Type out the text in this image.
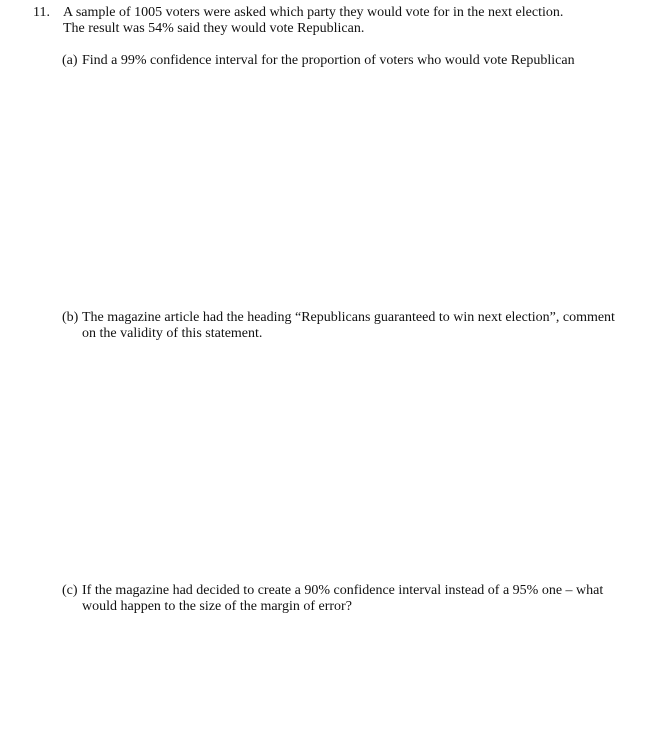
11. A sample of 1005 voters were asked which party they would vote for in the next election.

The result was 54% said they would vote Republican.

(a) Find a 99% confidence interval for the proportion of voters who would vote Republican

(b) The magazine article had the heading “Republicans guaranteed to win next election”, comment

on the validity of this statement.

(c) If the magazine had decided to create a 90% confidence interval instead of a 95% one – what

would happen to the size of the margin of error?
